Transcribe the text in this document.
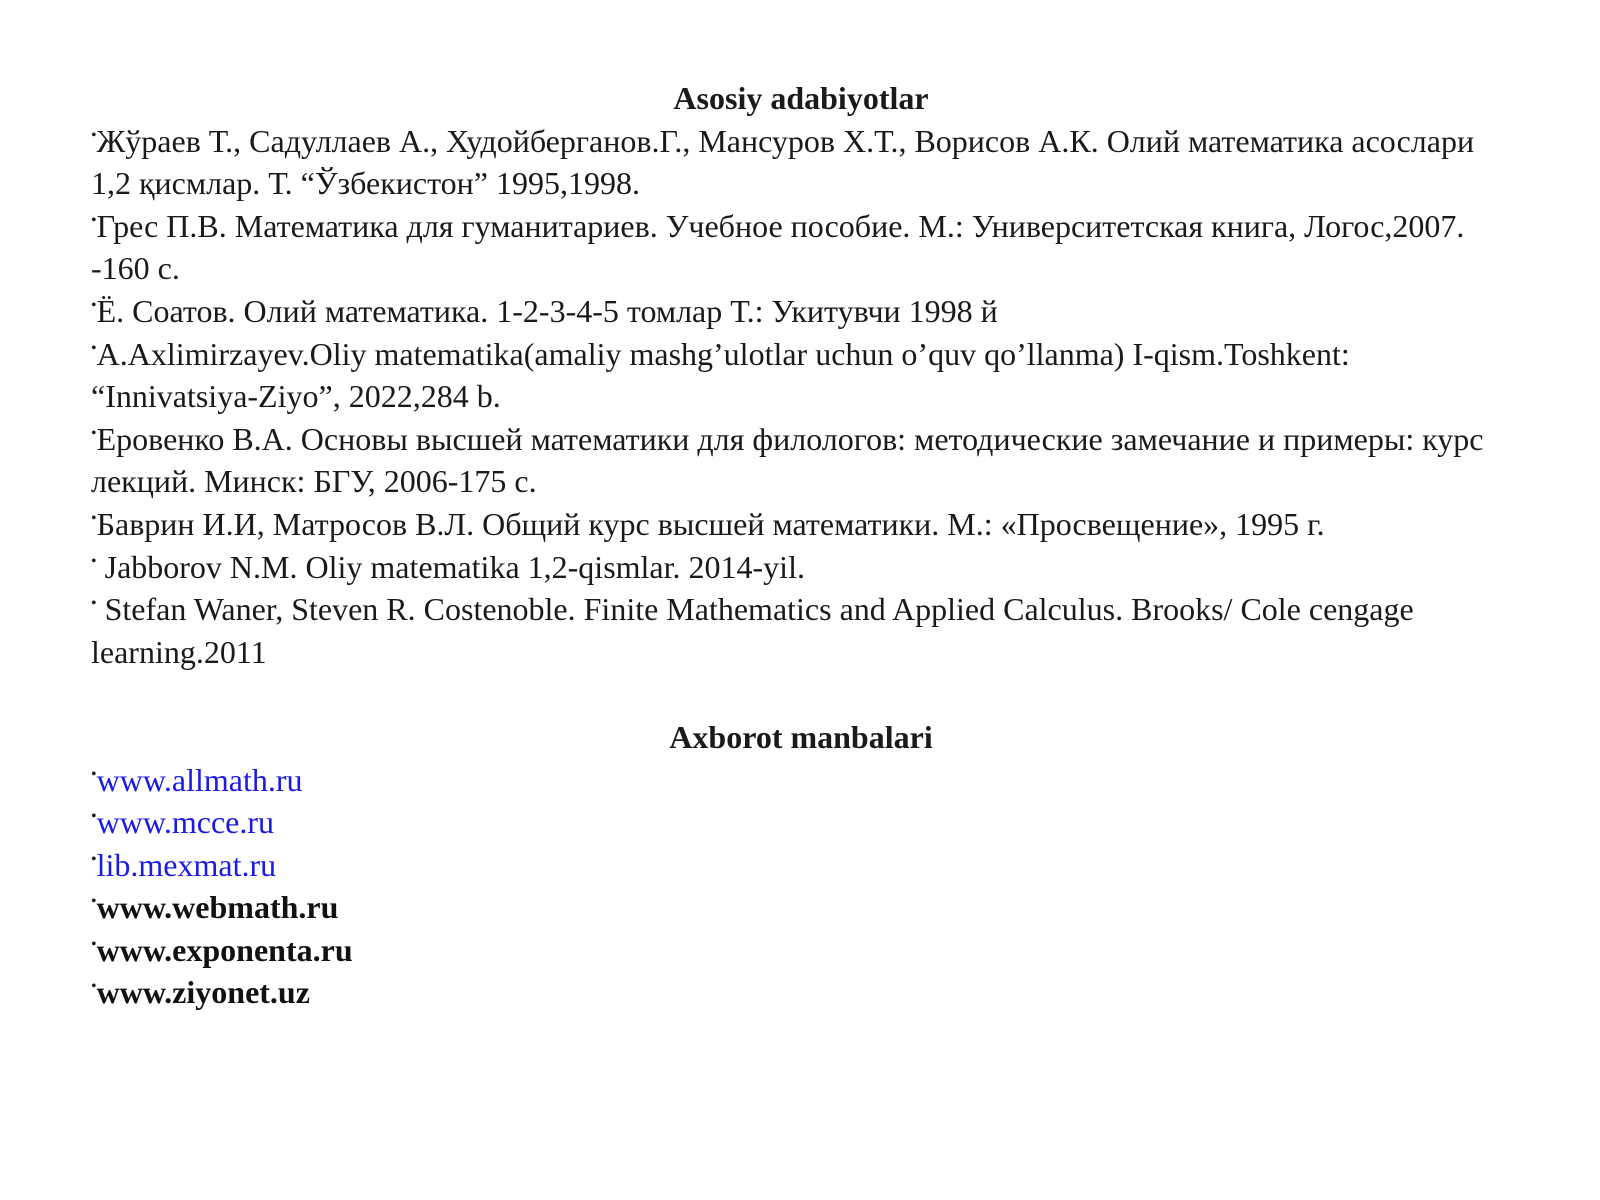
Asosiy adabiyotlar

•Жўраев Т., Садуллаев А., Худойберганов.Г., Мансуров Х.Т., Ворисов А.К. Олий математика асослари 1,2 қисмлар. Т. “Ўзбекистон” 1995,1998.
•Грес П.В. Математика для гуманитариев. Учебное пособие. М.: Университетская книга, Логос,2007. -160 с.
•Ё. Соатов. Олий математика. 1-2-3-4-5 томлар Т.: Укитувчи 1998 й
•A.Axlimirzayev.Oliy matematika(amaliy mashg’ulotlar uchun o’quv qo’llanma) I-qism.Toshkent: “Innivatsiya-Ziyo”, 2022,284 b.
•Еровенко В.А. Основы высшей математики для филологов: методические замечание и примеры: курс лекций. Минск: БГУ, 2006-175 с.
•Баврин И.И, Матросов В.Л. Общий курс высшей математики. М.: «Просвещение», 1995 г.
• Jabborov N.M. Oliy matematika 1,2-qismlar. 2014-yil.
• Stefan Waner, Steven R. Costenoble. Finite Mathematics and Applied Calculus. Brooks/ Cole cengage learning.2011

Axborot manbalari

•www.allmath.ru
•www.mcce.ru
•lib.mexmat.ru
•www.webmath.ru
•www.exponenta.ru
•www.ziyonet.uz
